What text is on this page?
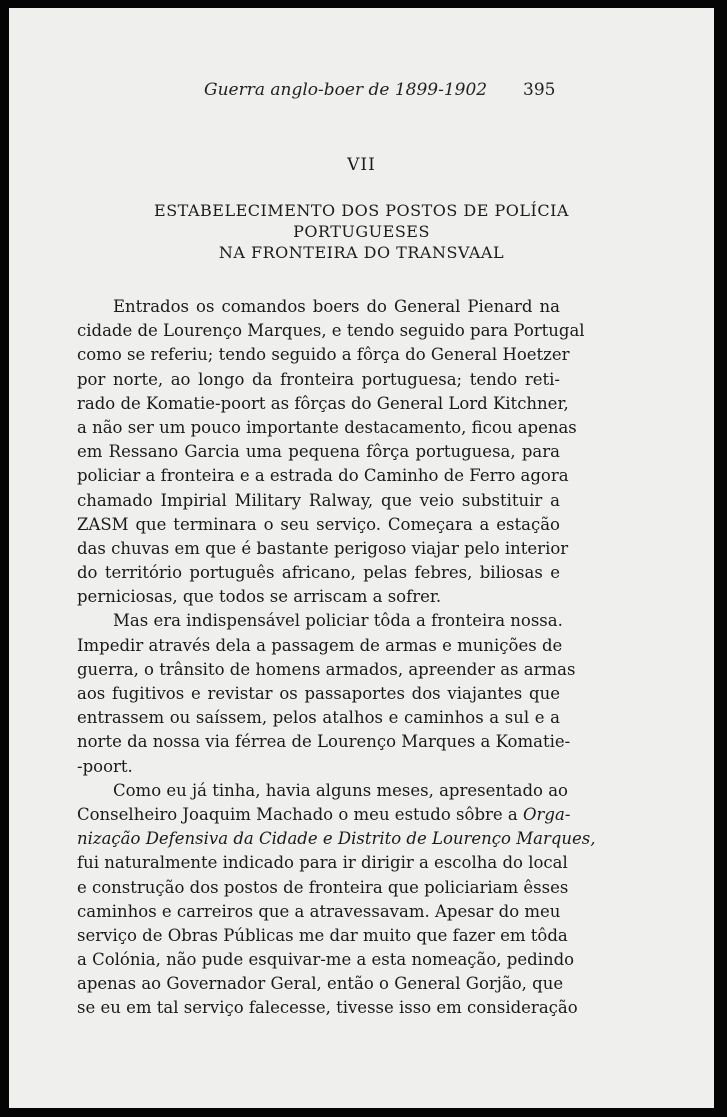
Guerra anglo-boer de 1899-1902 395
VII
ESTABELECIMENTO DOS POSTOS DE POLÍCIA
PORTUGUESES
NA FRONTEIRA DO TRANSVAAL
Entrados os comandos boers do General Pienard na
cidade de Lourenço Marques, e tendo seguido para Portugal
como se referiu; tendo seguido a fôrça do General Hoetzer
por norte, ao longo da fronteira portuguesa; tendo reti-
rado de Komatie-poort as fôrças do General Lord Kitchner,
a não ser um pouco importante destacamento, ficou apenas
em Ressano Garcia uma pequena fôrça portuguesa, para
policiar a fronteira e a estrada do Caminho de Ferro agora
chamado Impirial Military Ralway, que veio substituir a
ZASM que terminara o seu serviço. Começara a estação
das chuvas em que é bastante perigoso viajar pelo interior
do território português africano, pelas febres, biliosas e
perniciosas, que todos se arriscam a sofrer.
Mas era indispensável policiar tôda a fronteira nossa.
Impedir através dela a passagem de armas e munições de
guerra, o trânsito de homens armados, apreender as armas
aos fugitivos e revistar os passaportes dos viajantes que
entrassem ou saíssem, pelos atalhos e caminhos a sul e a
norte da nossa via férrea de Lourenço Marques a Komatie-
-poort.
Como eu já tinha, havia alguns meses, apresentado ao
Conselheiro Joaquim Machado o meu estudo sôbre a Orga-
nização Defensiva da Cidade e Distrito de Lourenço Marques,
fui naturalmente indicado para ir dirigir a escolha do local
e construção dos postos de fronteira que policiariam êsses
caminhos e carreiros que a atravessavam. Apesar do meu
serviço de Obras Públicas me dar muito que fazer em tôda
a Colónia, não pude esquivar-me a esta nomeação, pedindo
apenas ao Governador Geral, então o General Gorjão, que
se eu em tal serviço falecesse, tivesse isso em consideração
